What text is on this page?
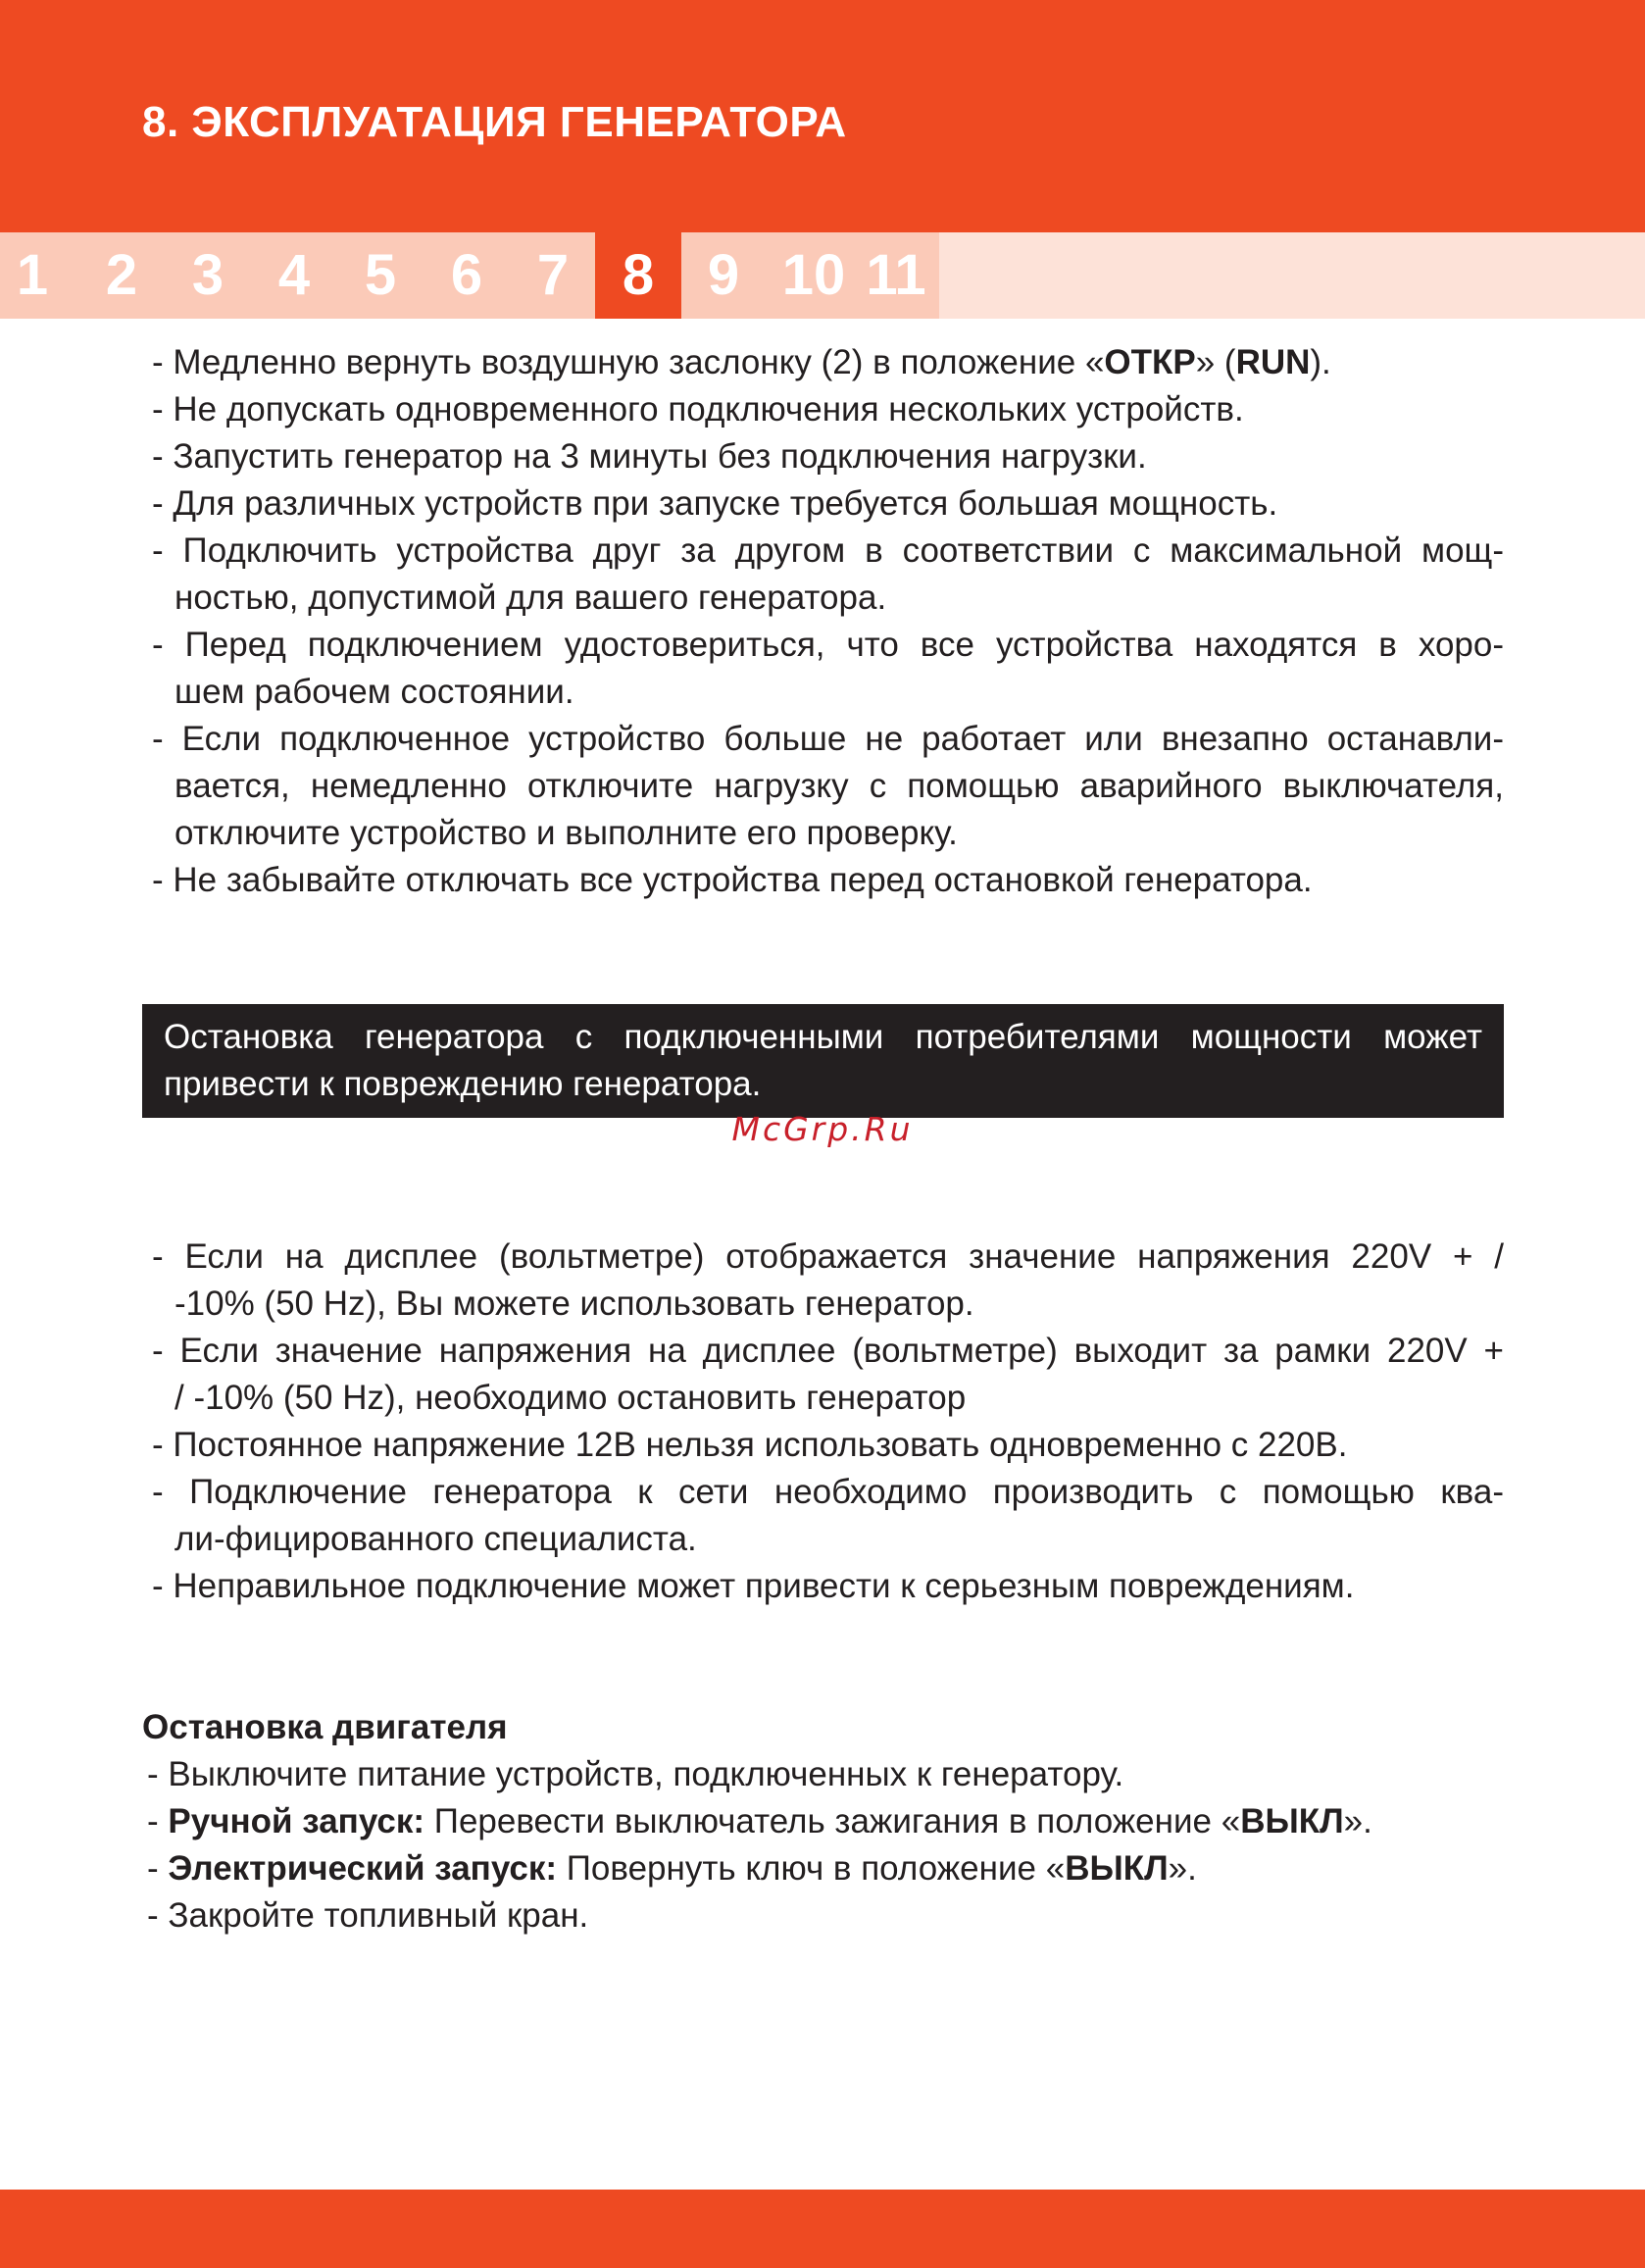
8. ЭКСПЛУАТАЦИЯ ГЕНЕРАТОРА
1	2 3 4 5 6 7 8 9 10 11
- Медленно вернуть воздушную заслонку (2) в положение «ОТКР» (RUN).
- Не допускать одновременного подключения нескольких устройств.
- Запустить генератор на 3 минуты без подключения нагрузки.
- Для различных устройств при запуске требуется большая мощность.
- Подключить устройства друг за другом в соответствии с максимальной мощ-
ностью, допустимой для вашего генератора.
- Перед подключением удостовериться, что все устройства находятся в хоро-
шем рабочем состоянии.
- Если подключенное устройство больше не работает или внезапно останавли-
вается, немедленно отключите нагрузку с помощью аварийного выключателя,
отключите устройство и выполните его проверку.
- Не забывайте отключать все устройства перед остановкой генератора.
Остановка генератора с подключенными потребителями мощности может
привести к повреждению генератора.
McGrp.Ru
- Если на дисплее (вольтметре) отображается значение напряжения 220V + /
-10% (50 Hz), Вы можете использовать генератор.
- Если значение напряжения на дисплее (вольтметре) выходит за рамки 220V +
/ -10% (50 Hz), необходимо остановить генератор
- Постоянное напряжение 12В нельзя использовать одновременно с 220В.
- Подключение генератора к сети необходимо производить с помощью ква-
ли-фицированного специалиста.
- Неправильное подключение может привести к серьезным повреждениям.
Остановка двигателя
- Выключите питание устройств, подключенных к генератору.
- Ручной запуск: Перевести выключатель зажигания в положение «ВЫКЛ».
- Электрический запуск: Повернуть ключ в положение «ВЫКЛ».
- Закройте топливный кран.
